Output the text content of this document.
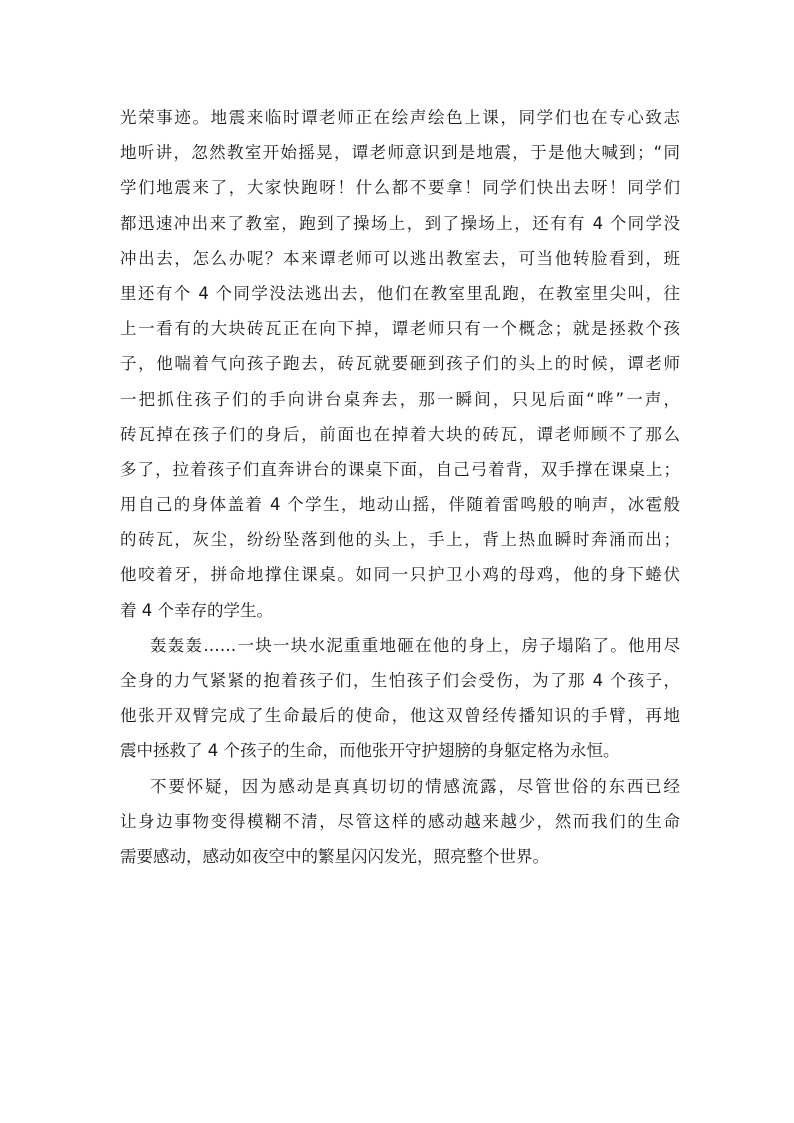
光荣事迹。地震来临时谭老师正在绘声绘色上课，同学们也在专心致志
地听讲，忽然教室开始摇晃，谭老师意识到是地震，于是他大喊到；“同
学们地震来了，大家快跑呀！什么都不要拿！同学们快出去呀！同学们
都迅速冲出来了教室，跑到了操场上，到了操场上，还有有 4 个同学没
冲出去，怎么办呢？本来谭老师可以逃出教室去，可当他转脸看到，班
里还有个 4 个同学没法逃出去，他们在教室里乱跑，在教室里尖叫，往
上一看有的大块砖瓦正在向下掉，谭老师只有一个概念；就是拯救个孩
子，他喘着气向孩子跑去，砖瓦就要砸到孩子们的头上的时候，谭老师
一把抓住孩子们的手向讲台桌奔去，那一瞬间，只见后面“哗”一声，
砖瓦掉在孩子们的身后，前面也在掉着大块的砖瓦，谭老师顾不了那么
多了，拉着孩子们直奔讲台的课桌下面，自己弓着背，双手撑在课桌上；
用自己的身体盖着 4 个学生，地动山摇，伴随着雷鸣般的响声，冰雹般
的砖瓦，灰尘，纷纷坠落到他的头上，手上，背上热血瞬时奔涌而出；
他咬着牙，拼命地撑住课桌。如同一只护卫小鸡的母鸡，他的身下蜷伏
着 4 个幸存的学生。
轰轰轰……一块一块水泥重重地砸在他的身上，房子塌陷了。他用尽
全身的力气紧紧的抱着孩子们，生怕孩子们会受伤，为了那 4 个孩子，
他张开双臂完成了生命最后的使命，他这双曾经传播知识的手臂，再地
震中拯救了 4 个孩子的生命，而他张开守护翅膀的身躯定格为永恒。
不要怀疑，因为感动是真真切切的情感流露，尽管世俗的东西已经
让身边事物变得模糊不清，尽管这样的感动越来越少，然而我们的生命
需要感动，感动如夜空中的繁星闪闪发光，照亮整个世界。
